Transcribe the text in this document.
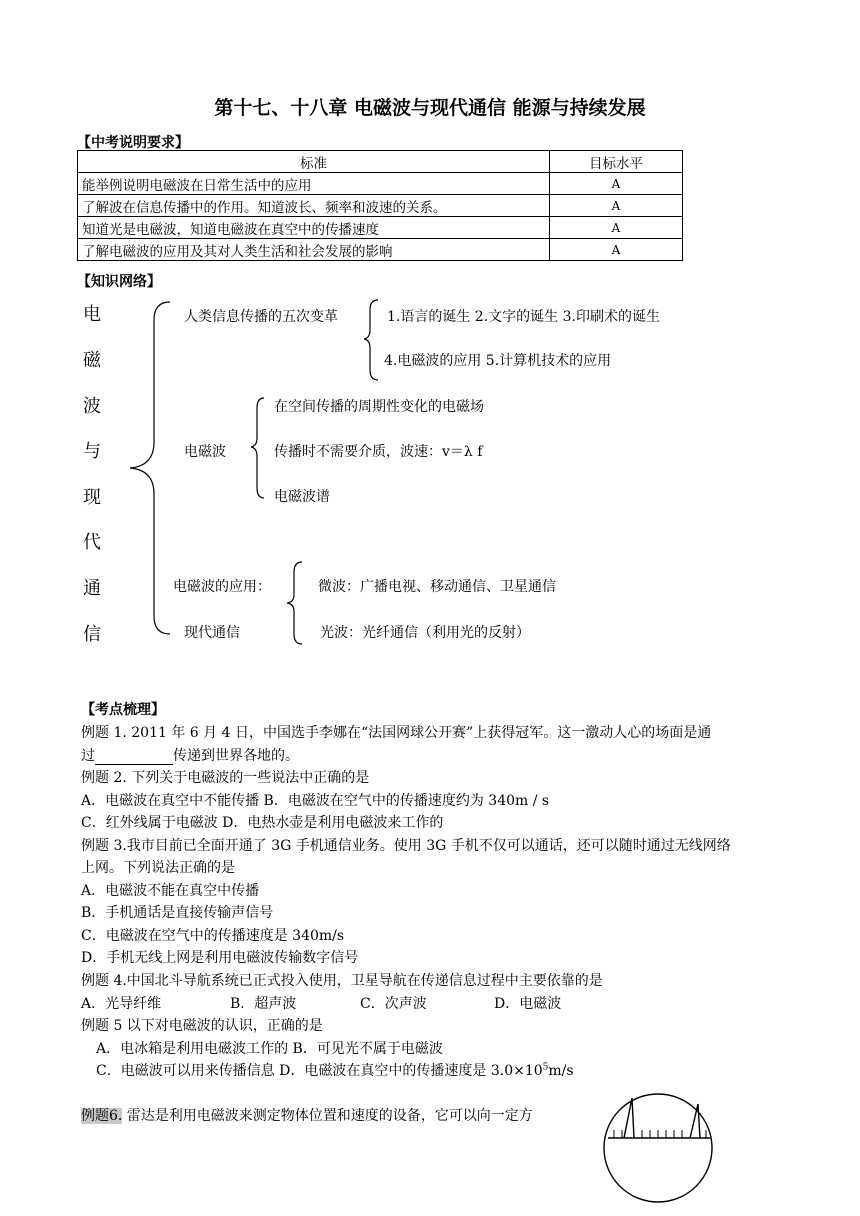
第十七、十八章 电磁波与现代通信 能源与持续发展
【中考说明要求】
标准	目标水平
能举例说明电磁波在日常生活中的应用	A
了解波在信息传播中的作用。知道波长、频率和波速的关系。	A
知道光是电磁波，知道电磁波在真空中的传播速度	A
了解电磁波的应用及其对人类生活和社会发展的影响	A
【知识网络】
电
磁
波
与
现
代
通
信
人类信息传播的五次变革	1.语言的诞生 2.文字的诞生 3.印刷术的诞生
4.电磁波的应用 5.计算机技术的应用
电磁波
在空间传播的周期性变化的电磁场
传播时不需要介质，波速：v＝λ f
电磁波谱
电磁波的应用：
现代通信
微波：广播电视、移动通信、卫星通信
光波：光纤通信（利用光的反射）
【考点梳理】
例题 1. 2011 年 6 月 4 日，中国选手李娜在“法国网球公开赛”上获得冠军。这一激动人心的场面是通
过	传递到世界各地的。
例题 2. 下列关于电磁波的一些说法中正确的是
A．电磁波在真空中不能传播 B．电磁波在空气中的传播速度约为 340m / s
C．红外线属于电磁波 D．电热水壶是利用电磁波来工作的
例题 3.我市目前已全面开通了 3G 手机通信业务。使用 3G 手机不仅可以通话，还可以随时通过无线网络
上网。下列说法正确的是
A．电磁波不能在真空中传播
B．手机通话是直接传输声信号
C．电磁波在空气中的传播速度是 340m/s
D．手机无线上网是利用电磁波传输数字信号
例题 4.中国北斗导航系统已正式投入使用，卫星导航在传递信息过程中主要依靠的是
A．光导纤维	B．超声波	C．次声波	D．电磁波
例题 5 以下对电磁波的认识，正确的是
A．电冰箱是利用电磁波工作的 B．可见光不属于电磁波
C．电磁波可以用来传播信息 D．电磁波在真空中的传播速度是 $3.0\times 10^5m/s$
例题6. 雷达是利用电磁波来测定物体位置和速度的设备，它可以向一定方
